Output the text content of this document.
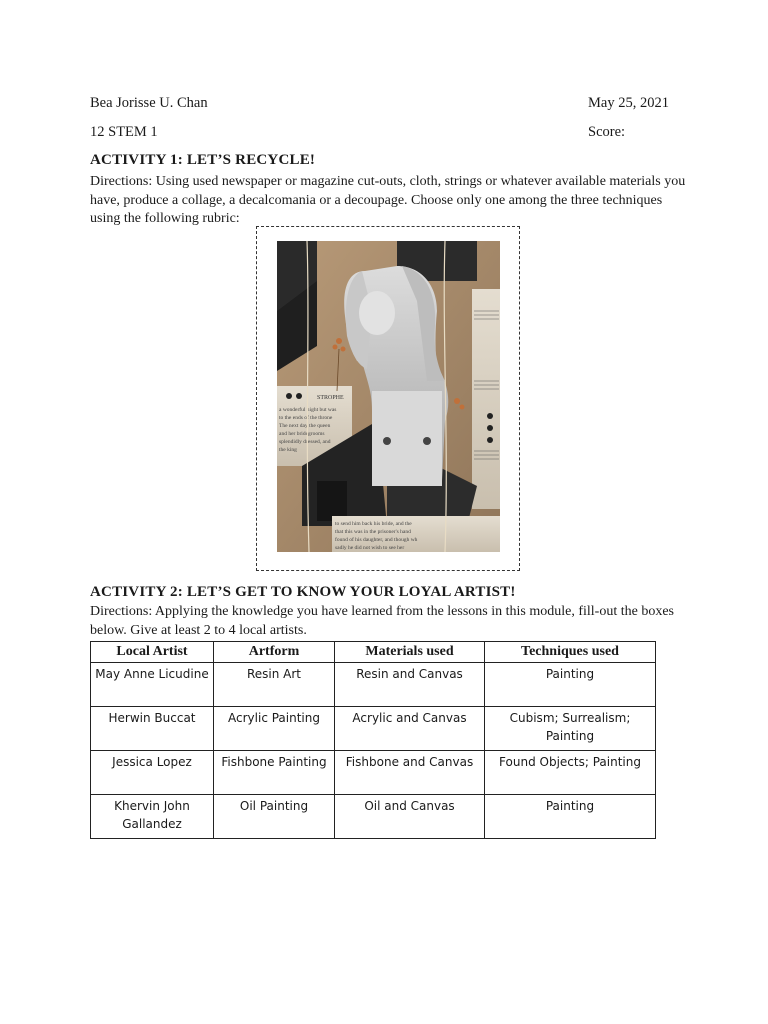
Bea Jorisse U. Chan	May 25, 2021
12 STEM 1	Score:
ACTIVITY 1: LET’S RECYCLE!
Directions: Using used newspaper or magazine cut-outs, cloth, strings or whatever available materials you
have, produce a collage, a decalcomania or a decoupage. Choose only one among the three techniques
using the following rubric:
STROPHE
a wonderful night but was
to the ends of the throne
The next day the queen
and her bridegrooms
splendidly dressed, and
the king
to send him back his bride, and the
that this was in the prisoner's hand
found of his daughter, and though wh
sadly he did not wish to see her
ACTIVITY 2: LET’S GET TO KNOW YOUR LOYAL ARTIST!
Directions: Applying the knowledge you have learned from the lessons in this module, fill-out the boxes
below. Give at least 2 to 4 local artists.
Local Artist	Artform	Materials used	Techniques used
May Anne Licudine	Resin Art	Resin and Canvas	Painting
Herwin Buccat	Acrylic Painting	Acrylic and Canvas	Cubism; Surrealism; Painting
Jessica Lopez	Fishbone Painting	Fishbone and Canvas	Found Objects; Painting
Khervin John Gallandez	Oil Painting	Oil and Canvas	Painting
